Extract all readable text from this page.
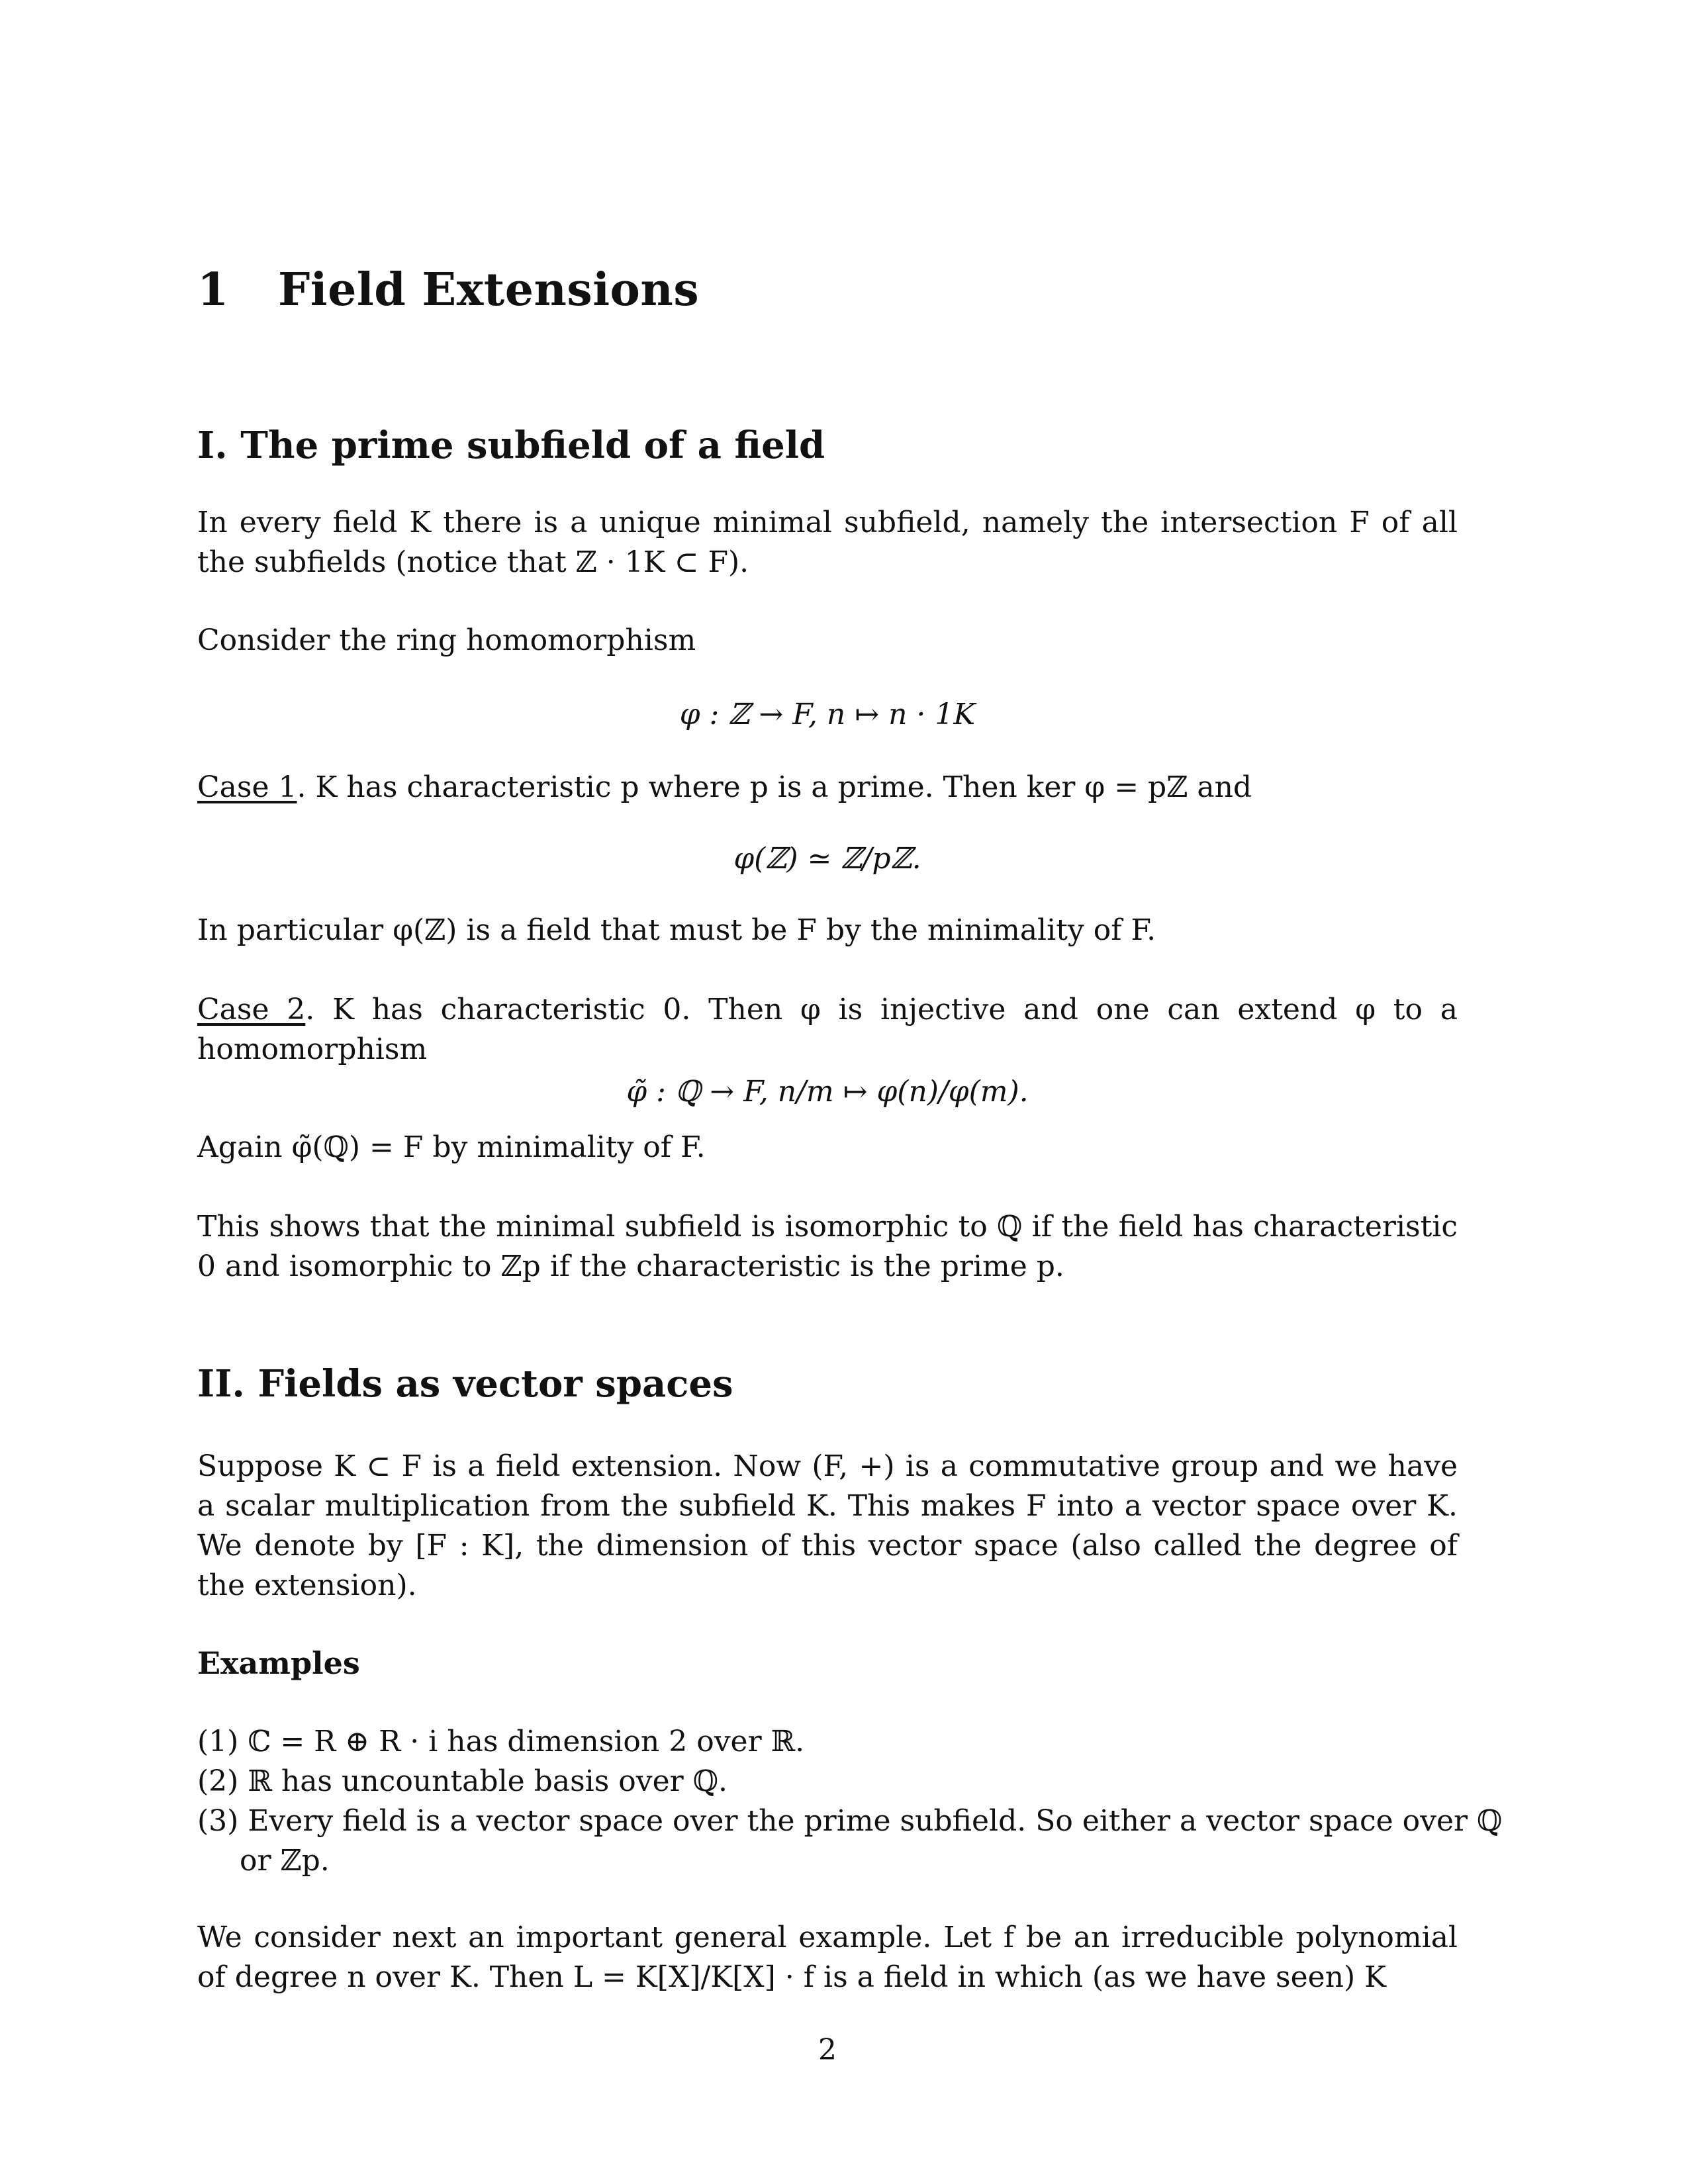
1 Field Extensions
I. The prime subfield of a field
In every field K there is a unique minimal subfield, namely the intersection F of all the subfields (notice that ℤ · 1K ⊂ F).
Consider the ring homomorphism
φ : ℤ → F, n ↦ n · 1K
Case 1. K has characteristic p where p is a prime. Then ker φ = pℤ and
φ(ℤ) ≃ ℤ/pℤ.
In particular φ(ℤ) is a field that must be F by the minimality of F.
Case 2. K has characteristic 0. Then φ is injective and one can extend φ to a homomorphism
φ̃ : ℚ → F, n/m ↦ φ(n)/φ(m).
Again φ̃(ℚ) = F by minimality of F.
This shows that the minimal subfield is isomorphic to ℚ if the field has characteristic 0 and isomorphic to ℤp if the characteristic is the prime p.
II. Fields as vector spaces
Suppose K ⊂ F is a field extension. Now (F, +) is a commutative group and we have a scalar multiplication from the subfield K. This makes F into a vector space over K. We denote by [F : K], the dimension of this vector space (also called the degree of the extension).
Examples
(1) ℂ = R ⊕ R · i has dimension 2 over ℝ.
(2) ℝ has uncountable basis over ℚ.
(3) Every field is a vector space over the prime subfield. So either a vector space over ℚ
or ℤp.
We consider next an important general example. Let f be an irreducible polynomial of degree n over K. Then L = K[X]/K[X] · f is a field in which (as we have seen) K
2
